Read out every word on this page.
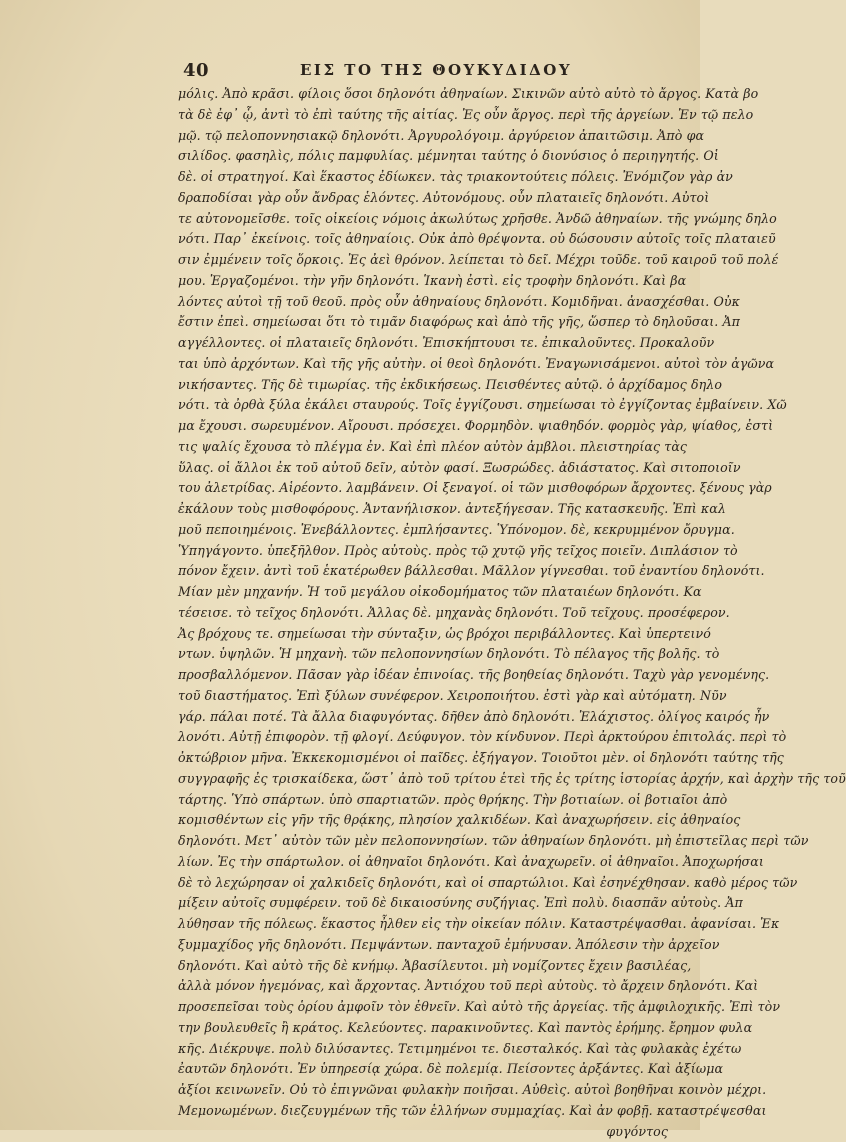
40	ΕΙΣ ΤΟ ΤΗΣ ΘΟΥΚΥΔΙΔΟΥ
μόλις. Ἀπὸ κρᾶσι. φίλοις ὅσοι δηλονότι ἀθηναίων. Σικινῶν αὐτὸ αὐτὸ τὸ ἄργος. Κατὰ βο
τὰ δὲ ἐφ᾽ ᾧ, ἀντὶ τὸ ἐπὶ ταύτης τῆς αἰτίας. Ἐς οὖν ἄργος. περὶ τῆς ἀργείων. Ἐν τῷ πελο
μῷ. τῷ πελοποννησιακῷ δηλονότι. Ἀργυρολόγοιμ. ἀργύρειον ἀπαιτῶσιμ. Ἀπὸ φα
σιλίδος. φασηλὶς, πόλις παμφυλίας. μέμνηται ταύτης ὁ διονύσιος ὁ περιηγητής. Οἱ
δὲ. οἱ στρατηγοί. Καὶ ἕκαστος ἐδίωκεν. τὰς τριακοντούτεις πόλεις. Ἐνόμιζον γὰρ ἀν
δραποδίσαι γὰρ οὖν ἄνδρας ἑλόντες. Αὐτονόμους. οὖν πλαταιεῖς δηλονότι. Αὐτοὶ
τε αὐτονομεῖσθε. τοῖς οἰκείοις νόμοις ἀκωλύτως χρῆσθε. Ἀνδῶ ἀθηναίων. τῆς γνώμης δηλο
νότι. Παρ᾽ ἐκείνοις. τοῖς ἀθηναίοις. Οὐκ ἀπὸ θρέψοντα. οὐ δώσουσιν αὐτοῖς τοῖς πλαταιεῦ
σιν ἐμμένειν τοῖς ὅρκοις. Ἐς ἀεὶ θρόνον. λείπεται τὸ δεῖ. Μέχρι τοῦδε. τοῦ καιροῦ τοῦ πολέ
μου. Ἐργαζομένοι. τὴν γῆν δηλονότι. Ἱκανὴ ἐστὶ. εἰς τροφὴν δηλονότι. Καὶ βα
λόντες αὐτοὶ τῇ τοῦ θεοῦ. πρὸς οὖν ἀθηναίους δηλονότι. Κομιδῆναι. ἀνασχέσθαι. Οὐκ
ἔστιν ἐπεὶ. σημείωσαι ὅτι τὸ τιμᾶν διαφόρως καὶ ἀπὸ τῆς γῆς, ὥσπερ τὸ δηλοῦσαι. Ἀπ
αγγέλλοντες. οἱ πλαταιεῖς δηλονότι. Ἐπισκήπτουσι τε. ἐπικαλοῦντες. Προκαλοῦν
ται ὑπὸ ἀρχόντων. Καὶ τῆς γῆς αὐτὴν. οἱ θεοὶ δηλονότι. Ἐναγωνισάμενοι. αὐτοὶ τὸν ἀγῶνα
νικήσαντες. Τῆς δὲ τιμωρίας. τῆς ἐκδικήσεως. Πεισθέντες αὐτῷ. ὁ ἀρχίδαμος δηλο
νότι. τὰ ὀρθὰ ξύλα ἐκάλει σταυρούς. Τοῖς ἐγγίζουσι. σημείωσαι τὸ ἐγγίζοντας ἐμβαίνειν. Χῶ
μα ἔχουσι. σωρευμένον. Αἴρουσι. πρόσεχει. Φορμηδὸν. ψιαθηδόν. φορμὸς γὰρ, ψίαθος, ἐστὶ
τις ψαλίς ἔχουσα τὸ πλέγμα ἐν. Καὶ ἐπὶ πλέον αὐτὸν ἀμβλοι. πλειστηρίας τὰς
ὕλας. οἱ ἄλλοι ἐκ τοῦ αὐτοῦ δεῖν, αὐτὸν φασί. Ξωσρώδες. ἀδιάστατος. Καὶ σιτοποιοῖν
του ἀλετρίδας. Αἱρέοντο. λαμβάνειν. Οἱ ξεναγοί. οἱ τῶν μισθοφόρων ἄρχοντες. ξένους γὰρ
ἐκάλουν τοὺς μισθοφόρους. Ἀντανήλισκον. ἀντεξήγεσαν. Τῆς κατασκευῆς. Ἐπὶ καλ
μοῦ πεποιημένοις. Ἐνεβάλλοντες. ἐμπλήσαντες. Ὑπόνομον. δὲ, κεκρυμμένον ὄρυγμα.
Ὑπηγάγοντο. ὑπεξῆλθον. Πρὸς αὐτοὺς. πρὸς τῷ χυτῷ γῆς τεῖχος ποιεῖν. Διπλάσιον τὸ
πόνον ἔχειν. ἀντὶ τοῦ ἑκατέρωθεν βάλλεσθαι. Μᾶλλον γίγνεσθαι. τοῦ ἐναντίου δηλονότι.
Μίαν μὲν μηχανήν. Ἠ τοῦ μεγάλου οἰκοδομήματος τῶν πλαταιέων δηλονότι. Κα
τέσεισε. τὸ τεῖχος δηλονότι. Ἀλλας δὲ. μηχανὰς δηλονότι. Τοῦ τεῖχους. προσέφερον.
Ἀς βρόχους τε. σημείωσαι τὴν σύνταξιν, ὡς βρόχοι περιβάλλοντες. Καὶ ὑπερτεινό
ντων. ὑψηλῶν. Ἡ μηχανὴ. τῶν πελοποννησίων δηλονότι. Τὸ πέλαγος τῆς βολῆς. τὸ
προσβαλλόμενον. Πᾶσαν γὰρ ἰδέαν ἐπινοίας. τῆς βοηθείας δηλονότι. Ταχὺ γὰρ γενομένης.
τοῦ διαστήματος. Ἐπὶ ξύλων συνέφερον. Χειροποιήτου. ἐστὶ γὰρ καὶ αὐτόματη. Νῦν
γάρ. πάλαι ποτέ. Τὰ ἄλλα διαφυγόντας. δῆθεν ἀπὸ δηλονότι. Ἐλάχιστος. ὀλίγος καιρός ἦν
λονότι. Αὐτῇ ἐπιφορὸν. τῇ φλογί. Δεύφυγον. τὸν κίνδυνον. Περὶ ἀρκτούρου ἐπιτολάς. περὶ τὸ
ὀκτώβριον μῆνα. Ἐκκεκομισμένοι οἱ παῖδες. ἐξήγαγον. Τοιοῦτοι μὲν. οἱ δηλονότι ταύτης τῆς
συγγραφῆς ἐς τρισκαίδεκα, ὥστ᾽ ἀπὸ τοῦ τρίτου ἑτεὶ τῆς ἐς τρίτης ἱστορίας ἀρχήν, καὶ ἀρχὴν τῆς τοῦ
τάρτης. Ὑπὸ σπάρτων. ὑπὸ σπαρτιατῶν. πρὸς θρήκης. Τὴν βοτιαίων. οἱ βοτιαῖοι ἀπὸ
κομισθέντων εἰς γῆν τῆς θρᾴκης, πλησίον χαλκιδέων. Καὶ ἀναχωρήσειν. εἰς ἀθηναίος
δηλονότι. Μετ᾽ αὐτὸν τῶν μὲν πελοποννησίων. τῶν ἀθηναίων δηλονότι. μὴ ἐπιστεῖλας περὶ τῶν
λίων. Ἐς τὴν σπάρτωλον. οἱ ἀθηναῖοι δηλονότι. Καὶ ἀναχωρεῖν. οἱ ἀθηναῖοι. Ἀποχωρήσαι
δὲ τὸ λεχώρησαν οἱ χαλκιδεῖς δηλονότι, καὶ οἱ σπαρτώλιοι. Καὶ ἐσηνέχθησαν. καθὸ μέρος τῶν
μίξειν αὐτοῖς συμφέρειν. τοῦ δὲ δικαιοσύνης συζήγιας. Ἐπὶ πολὺ. διασπᾶν αὐτοὺς. Ἀπ
λύθησαν τῆς πόλεως. ἕκαστος ἦλθεν εἰς τὴν οἰκείαν πόλιν. Καταστρέψασθαι. ἀφανίσαι. Ἐκ
ξυμμαχίδος γῆς δηλονότι. Πεμψάντων. πανταχοῦ ἐμήνυσαν. Ἀπόλεσιν τὴν ἀρχεῖον
δηλονότι. Καὶ αὐτὸ τῆς δὲ κνήμῳ. Ἀβασίλευτοι. μὴ νομίζοντες ἔχειν βασιλέας,
ἀλλὰ μόνον ἡγεμόνας, καὶ ἄρχοντας. Ἀντιόχου τοῦ περὶ αὐτοὺς. τὸ ἄρχειν δηλονότι. Καὶ
προσεπεῖσαι τοὺς ὁρίου ἀμφοῖν τὸν ἐθνεῖν. Καὶ αὐτὸ τῆς ἀργείας. τῆς ἀμφιλοχικῆς. Ἐπὶ τὸν
την βουλευθεῖς ἢ κράτος. Κελεύοντες. παρακινοῦντες. Καὶ παντὸς ἐρήμης. ἔρημον φυλα
κῆς. Διέκρυψε. πολὺ διλύσαντες. Τετιμημένοι τε. διεσταλκός. Καὶ τὰς φυλακὰς ἐχέτω
ἐαυτῶν δηλονότι. Ἐν ὑπηρεσίᾳ χώρα. δὲ πολεμίᾳ. Πείσοντες ἀρξάντες. Καὶ ἀξίωμα
ἀξίοι κεινωνεῖν. Οὐ τὸ ἐπιγνῶναι φυλακὴν ποιῆσαι. Αὐθεὶς. αὐτοὶ βοηθῆναι κοινὸν μέχρι.
Μεμονωμένων. διεζευγμένων τῆς τῶν ἑλλήνων συμμαχίας. Καὶ ἀν φοβῇ. καταστρέψεσθαι
φυγόντος
